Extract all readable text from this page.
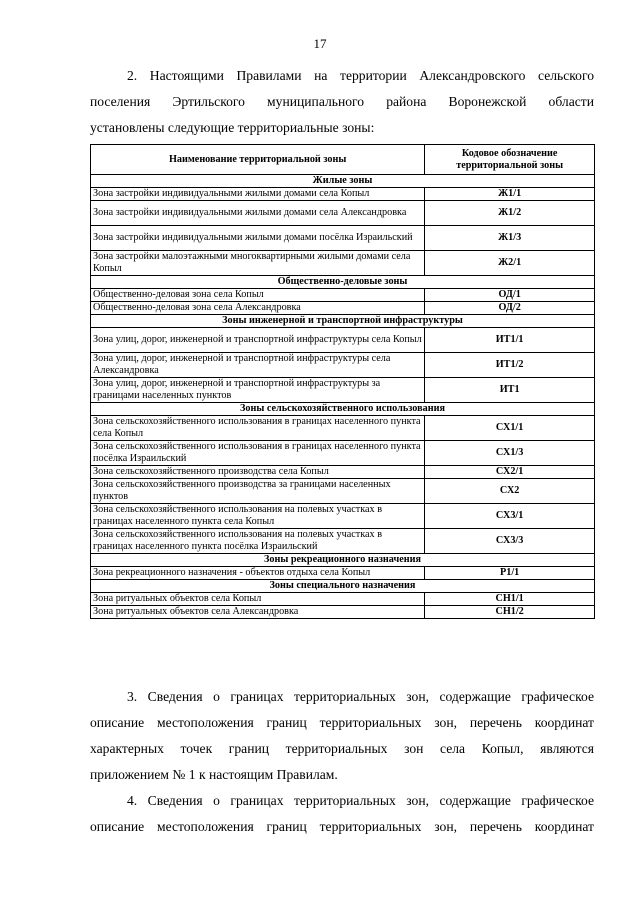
17
2. Настоящими Правилами на территории Александровского сельского
поселения Эртильского муниципального района Воронежской области
установлены следующие территориальные зоны:
Наименование территориальной зоны	Кодовое обозначение территориальной зоны
Жилые зоны	
Зона застройки индивидуальными жилыми домами села Копыл	Ж1/1
Зона застройки индивидуальными жилыми домами села Александровка	Ж1/2
Зона застройки индивидуальными жилыми домами посёлка Израильский	Ж1/3
Зона застройки малоэтажными многоквартирными жилыми домами села Копыл	Ж2/1
Общественно-деловые зоны	
Общественно-деловая зона села Копыл	ОД/1
Общественно-деловая зона села Александровка	ОД/2
Зоны инженерной и транспортной инфраструктуры	
Зона улиц, дорог, инженерной и транспортной инфраструктуры села Копыл	ИТ1/1
Зона улиц, дорог, инженерной и транспортной инфраструктуры села Александровка	ИТ1/2
Зона улиц, дорог, инженерной и транспортной инфраструктуры за границами населенных пунктов	ИТ1
Зоны сельскохозяйственного использования	
Зона сельскохозяйственного использования в границах населенного пункта села Копыл	СХ1/1
Зона сельскохозяйственного использования в границах населенного пункта посёлка Израильский	СХ1/3
Зона сельскохозяйственного производства села Копыл	СХ2/1
Зона сельскохозяйственного производства за границами населенных пунктов	СХ2
Зона сельскохозяйственного использования на полевых участках в границах населенного пункта села Копыл	СХ3/1
Зона сельскохозяйственного использования на полевых участках в границах населенного пункта посёлка Израильский	СХ3/3
Зоны рекреационного назначения	
Зона рекреационного назначения - объектов отдыха села Копыл	Р1/1
Зоны специального назначения	
Зона ритуальных объектов села Копыл	СН1/1
Зона ритуальных объектов села Александровка	СН1/2
3. Сведения о границах территориальных зон, содержащие графическое
описание местоположения границ территориальных зон, перечень координат
характерных точек границ территориальных зон села Копыл, являются
приложением № 1 к настоящим Правилам.
4. Сведения о границах территориальных зон, содержащие графическое
описание местоположения границ территориальных зон, перечень координат
